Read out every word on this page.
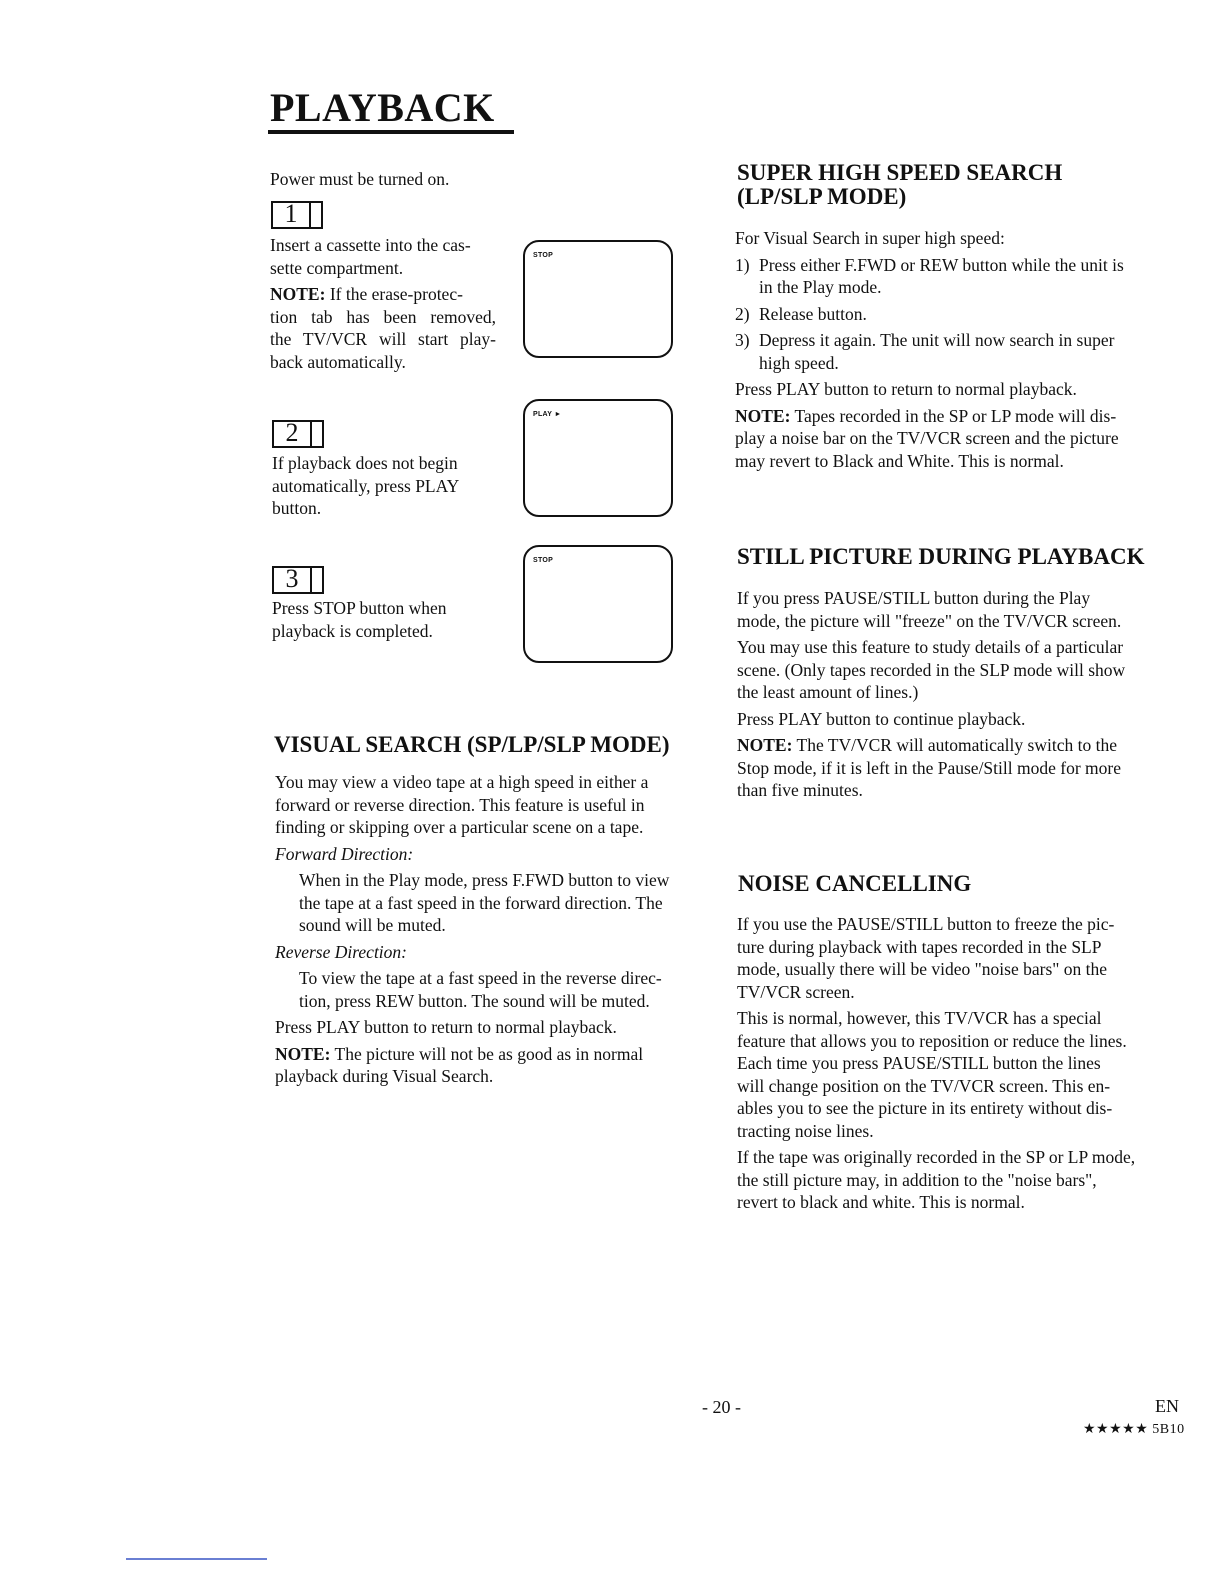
PLAYBACK

Power must be turned on.

1

Insert a cassette into the cas-

sette compartment.

NOTE: If the erase-protec-

tion tab has been removed,

the TV/VCR will start play-

back automatically.

STOP
2

If playback does not begin

automatically, press PLAY

button.

PLAY ►
3

Press STOP button when

playback is completed.

STOP
VISUAL SEARCH (SP/LP/SLP MODE)

You may view a video tape at a high speed in either a

forward or reverse direction. This feature is useful in

finding or skipping over a particular scene on a tape.

Forward Direction:

When in the Play mode, press F.FWD button to view

the tape at a fast speed in the forward direction. The

sound will be muted.

Reverse Direction:

To view the tape at a fast speed in the reverse direc-

tion, press REW button. The sound will be muted.

Press PLAY button to return to normal playback.

NOTE: The picture will not be as good as in normal

playback during Visual Search.

SUPER HIGH SPEED SEARCH
(LP/SLP MODE)

For Visual Search in super high speed:

1) Press either F.FWD or REW button while the unit is

in the Play mode.

2) Release button.

3) Depress it again. The unit will now search in super

high speed.

Press PLAY button to return to normal playback.

NOTE: Tapes recorded in the SP or LP mode will dis-

play a noise bar on the TV/VCR screen and the picture

may revert to Black and White. This is normal.

STILL PICTURE DURING PLAYBACK

If you press PAUSE/STILL button during the Play

mode, the picture will "freeze" on the TV/VCR screen.

You may use this feature to study details of a particular

scene. (Only tapes recorded in the SLP mode will show

the least amount of lines.)

Press PLAY button to continue playback.

NOTE: The TV/VCR will automatically switch to the

Stop mode, if it is left in the Pause/Still mode for more

than five minutes.

NOISE CANCELLING

If you use the PAUSE/STILL button to freeze the pic-

ture during playback with tapes recorded in the SLP

mode, usually there will be video "noise bars" on the

TV/VCR screen.

This is normal, however, this TV/VCR has a special

feature that allows you to reposition or reduce the lines.

Each time you press PAUSE/STILL button the lines

will change position on the TV/VCR screen. This en-

ables you to see the picture in its entirety without dis-

tracting noise lines.

If the tape was originally recorded in the SP or LP mode,

the still picture may, in addition to the "noise bars",

revert to black and white. This is normal.

- 20 -	EN
★★★★★ 5B10
